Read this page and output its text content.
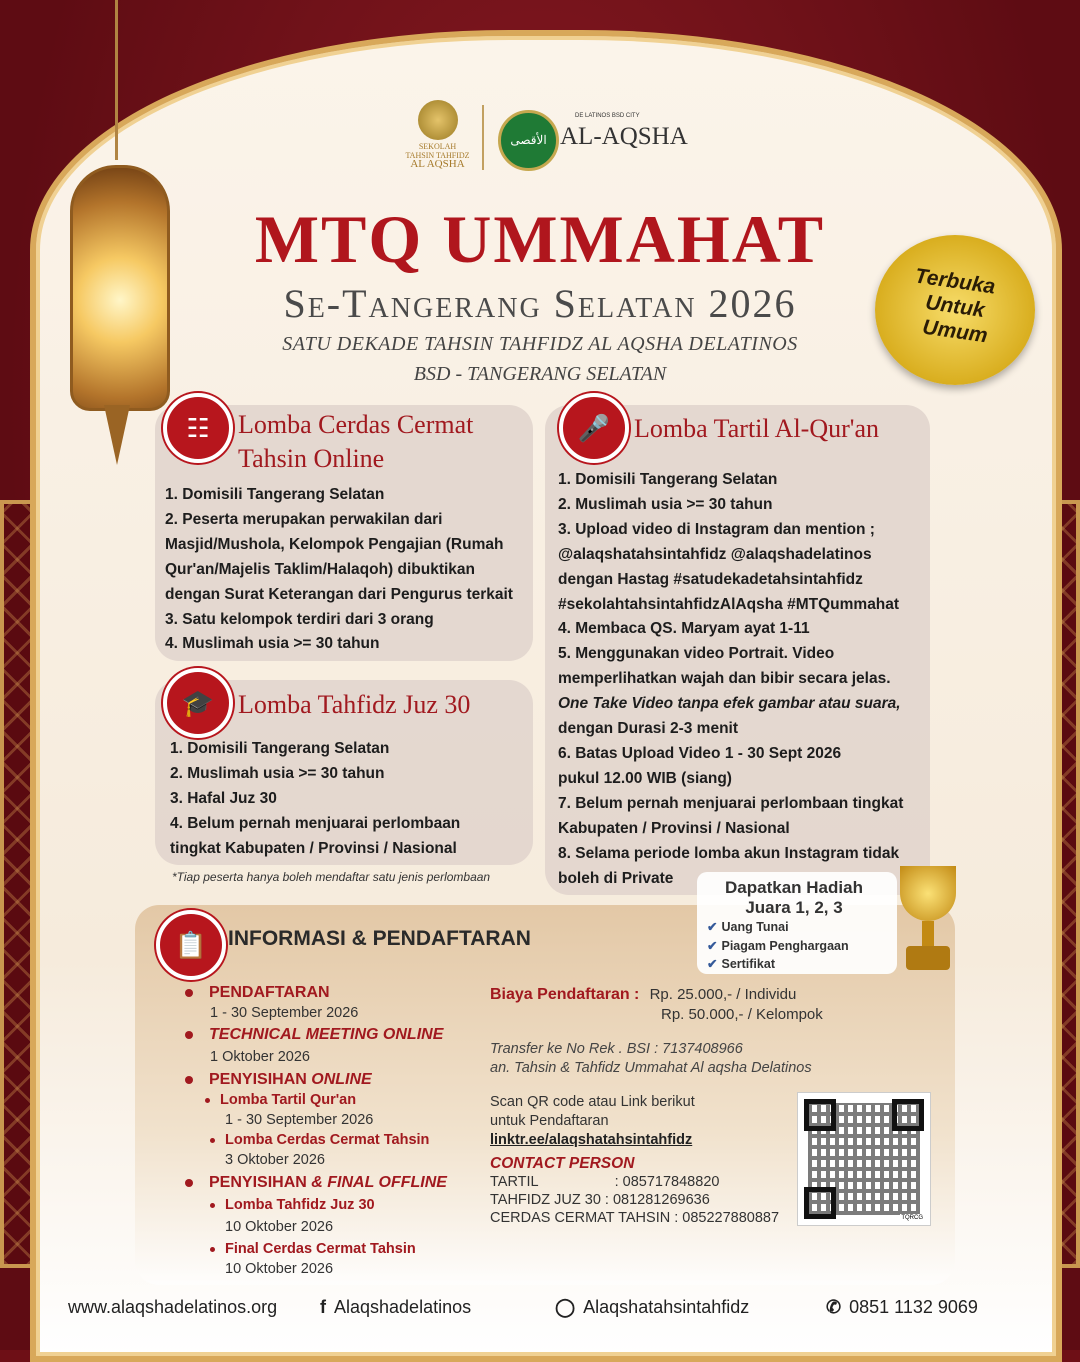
SEKOLAH
TAHSIN TAHFIDZ
AL AQSHA
الأقصى
DE LATINOS BSD CITY
AL-AQSHA
MTQ UMMAHAT
Se-Tangerang Selatan 2026
SATU DEKADE TAHSIN TAHFIDZ AL AQSHA DELATINOS
BSD - TANGERANG SELATAN
Terbuka
Untuk
Umum
☷	Lomba Cerdas Cermat
Tahsin Online
1. Domisili Tangerang Selatan
2. Peserta merupakan perwakilan dari
Masjid/Mushola, Kelompok Pengajian (Rumah
Qur'an/Majelis Taklim/Halaqoh) dibuktikan
dengan Surat Keterangan dari Pengurus terkait
3. Satu kelompok terdiri dari 3 orang
4. Muslimah usia >= 30 tahun
🎓 Lomba Tahfidz Juz 30
1. Domisili Tangerang Selatan
2. Muslimah usia >= 30 tahun
3. Hafal Juz 30
4. Belum pernah menjuarai perlombaan
tingkat Kabupaten / Provinsi / Nasional
*Tiap peserta hanya boleh mendaftar satu jenis perlombaan
🎤 Lomba Tartil Al-Qur'an
1. Domisili Tangerang Selatan
2. Muslimah usia >= 30 tahun
3. Upload video di Instagram dan mention ;
@alaqshatahsintahfidz @alaqshadelatinos
dengan Hastag #satudekadetahsintahfidz
#sekolahtahsintahfidzAlAqsha #MTQummahat
4. Membaca QS. Maryam ayat 1-11
5. Menggunakan video Portrait. Video
memperlihatkan wajah dan bibir secara jelas.
One Take Video tanpa efek gambar atau suara,
dengan Durasi 2-3 menit
6. Batas Upload Video 1 - 30 Sept 2026
pukul 12.00 WIB (siang)
7. Belum pernah menjuarai perlombaan tingkat
Kabupaten / Provinsi / Nasional
8. Selama periode lomba akun Instagram tidak
boleh di Private
📋 INFORMASI & PENDAFTARAN
Dapatkan Hadiah
Juara 1, 2, 3
✔ Uang Tunai
✔ Piagam Penghargaan
✔ Sertifikat
PENDAFTARAN
1 - 30 September 2026
TECHNICAL MEETING ONLINE
1 Oktober 2026
PENYISIHAN ONLINE
Lomba Tartil Qur'an
1 - 30 September 2026
Lomba Cerdas Cermat Tahsin
3 Oktober 2026
PENYISIHAN & FINAL OFFLINE
Lomba Tahfidz Juz 30
10 Oktober 2026
Final Cerdas Cermat Tahsin
10 Oktober 2026
Biaya Pendaftaran : Rp. 25.000,- / Individu
Rp. 50.000,- / Kelompok
Transfer ke No Rek . BSI : 7137408966
an. Tahsin & Tahfidz Ummahat Al aqsha Delatinos
Scan QR code atau Link berikut
untuk Pendaftaran
linktr.ee/alaqshatahsintahfidz
CONTACT PERSON
TARTIL                   : 085717848820
TAHFIDZ JUZ 30 : 081281269636
CERDAS CERMAT TAHSIN : 085227880887	TQRCG
www.alaqshadelatinos.org f Alaqshadelatinos	◯ Alaqshatahsintahfidz	✆ 0851 1132 9069
